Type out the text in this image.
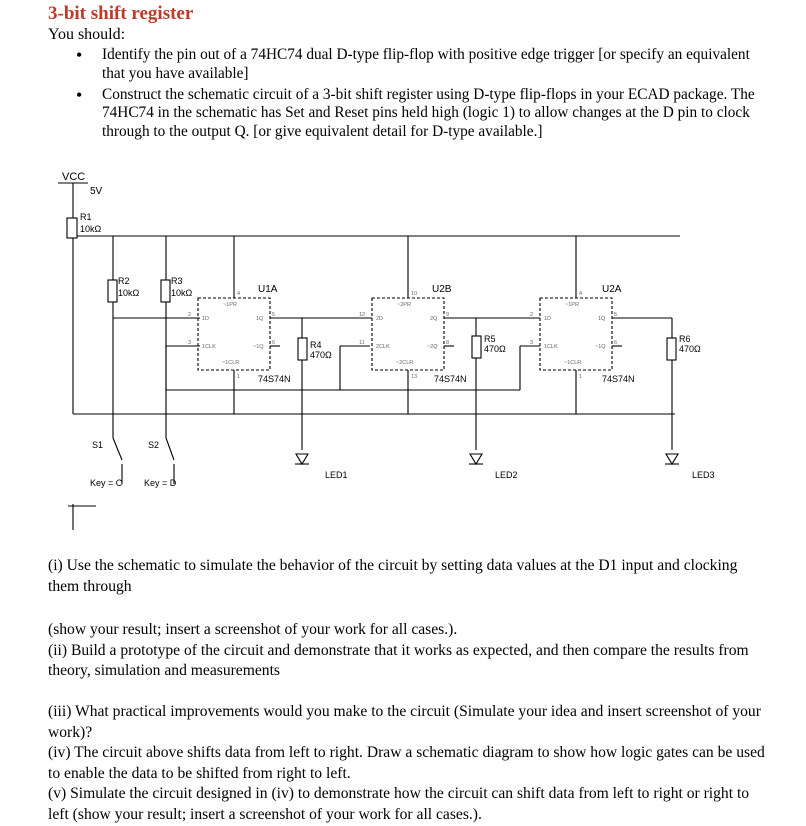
3-bit shift register
You should:
• Identify the pin out of a 74HC74 dual D-type flip-flop with positive edge trigger [or specify an equivalent that you have available]
• Construct the schematic circuit of a 3-bit shift register using D-type flip-flops in your ECAD package. The 74HC74 in the schematic has Set and Reset pins held high (logic 1) to allow changes at the D pin to clock through to the output Q. [or give equivalent detail for D-type available.]
VCC
5V
R1
10kΩ
R2
10kΩ
R3
10kΩ
R4
470Ω
R5
470Ω
R6
470Ω
U1A
74S74N
U2B
74S74N
U2A
74S74N
~1PR
1D	1Q
1CLK	~1Q
~1CLR
2
3
4
5
6
1
~2PR
2D	2Q
2CLK	~2Q
~2CLR
12
11
10
9
8
13
~1PR
1D	1Q
1CLK	~1Q
~1CLR
2
3
4
5
6
1
S1	S2
Key = C Key = D
LED1	LED2	LED3

(i) Use the schematic to simulate the behavior of the circuit by setting data values at the D1 input and clocking them through

(show your result; insert a screenshot of your work for all cases.).

(ii) Build a prototype of the circuit and demonstrate that it works as expected, and then compare the results from theory, simulation and measurements

(iii) What practical improvements would you make to the circuit (Simulate your idea and insert screenshot of your work)?

(iv) The circuit above shifts data from left to right. Draw a schematic diagram to show how logic gates can be used to enable the data to be shifted from right to left.

(v) Simulate the circuit designed in (iv) to demonstrate how the circuit can shift data from left to right or right to left (show your result; insert a screenshot of your work for all cases.).
